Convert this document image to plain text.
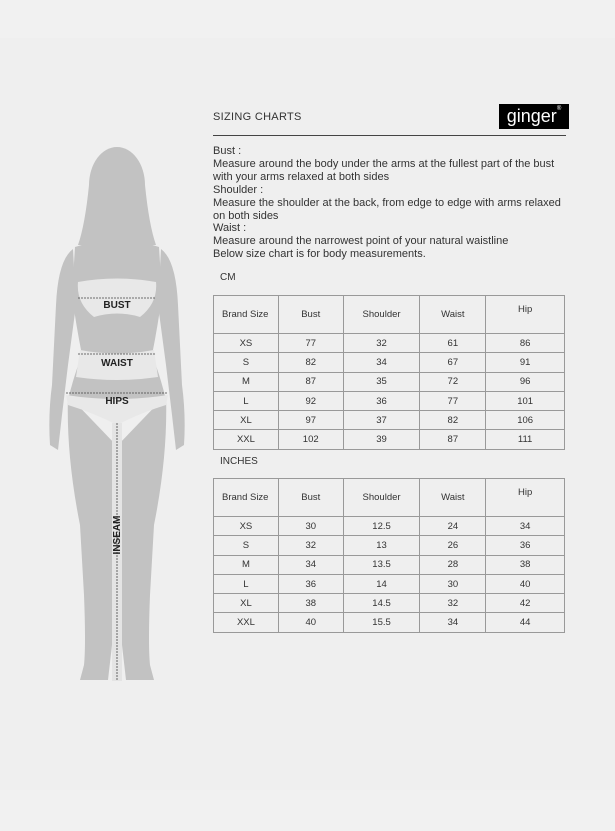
BUST
WAIST
HIPS
INSEAM
SIZING CHARTS	ginger®
Bust :
Measure around the body under the arms at the fullest part of the bust with your arms relaxed at both sides
Shoulder :
Measure the shoulder at the back, from edge to edge with arms relaxed on both sides
Waist :
Measure around the narrowest point of your natural waistline
Below size chart is for body measurements.
CM
Brand Size	Bust	Shoulder	Waist	Hip
XS	77	32	61	86
S	82	34	67	91
M	87	35	72	96
L	92	36	77	101
XL	97	37	82	106
XXL	102	39	87	111
INCHES
Brand Size	Bust	Shoulder	Waist	Hip
XS	30	12.5	24	34
S	32	13	26	36
M	34	13.5	28	38
L	36	14	30	40
XL	38	14.5	32	42
XXL	40	15.5	34	44
